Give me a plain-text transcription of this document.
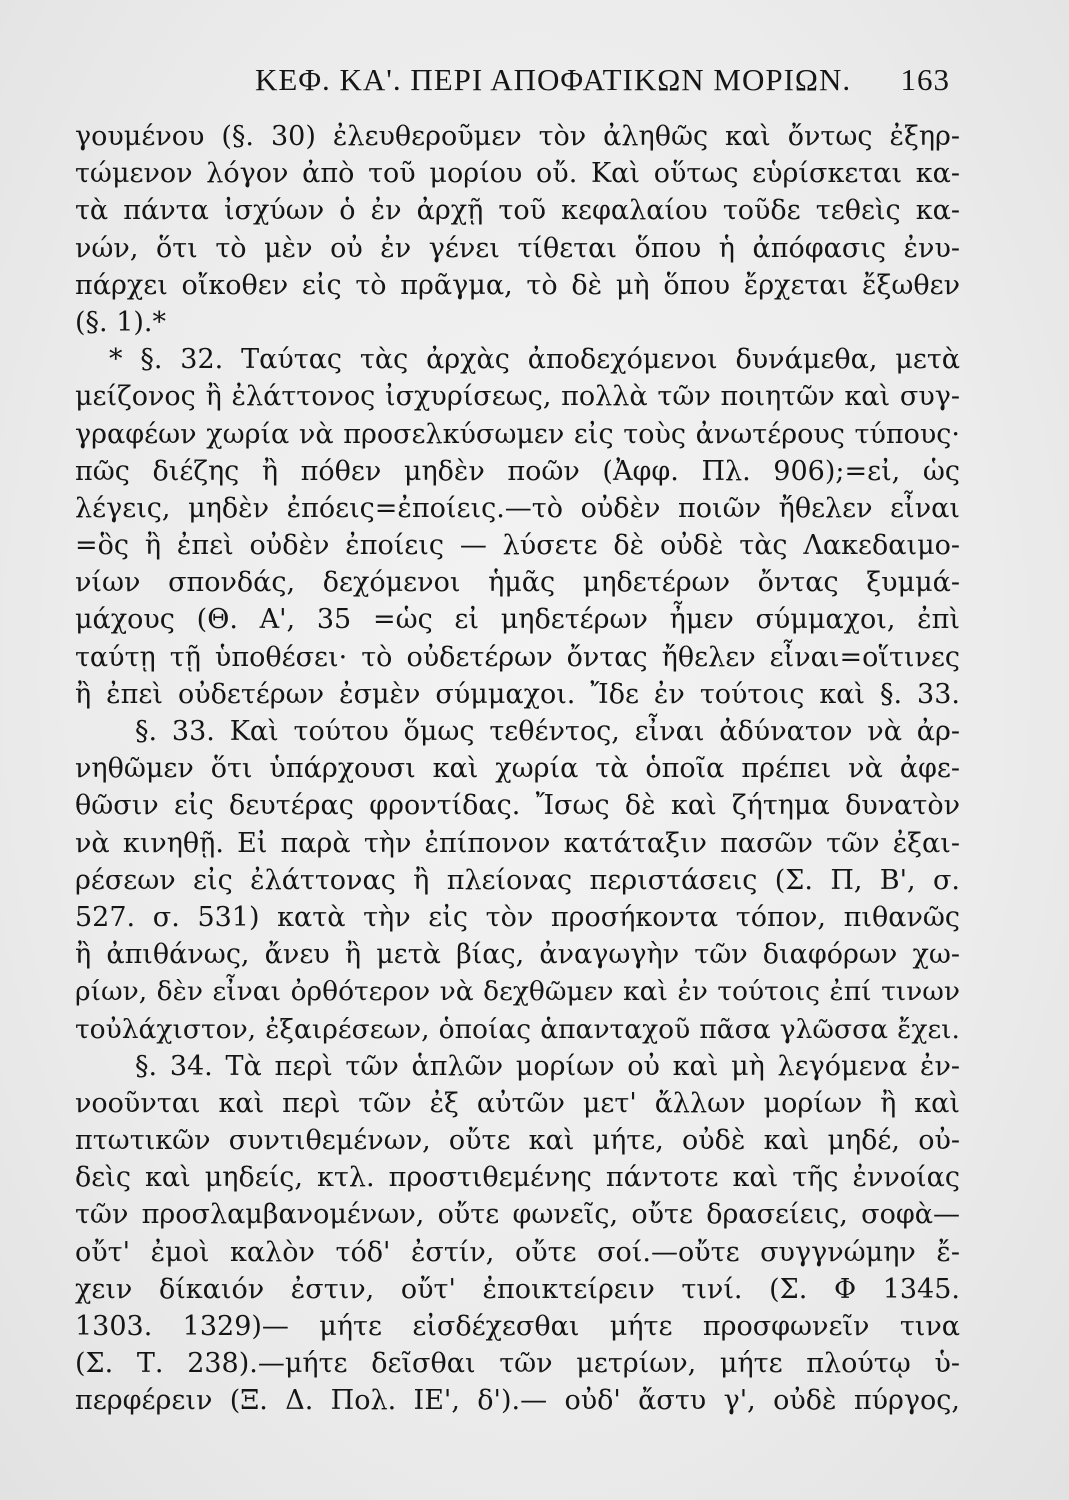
ΚΕΦ. ΚΑ'. ΠΕΡΙ ΑΠΟΦΑΤΙΚΩΝ ΜΟΡΙΩΝ. 163
γουμένου (§. 30) ἐλευθεροῦμεν τὸν ἀληθῶς καὶ ὄντως ἐξηρ-
τώμενον λόγον ἀπὸ τοῦ μορίου οὔ. Καὶ οὕτως εὑρίσκεται κα-
τὰ πάντα ἰσχύων ὁ ἐν ἀρχῇ τοῦ κεφαλαίου τοῦδε τεθεὶς κα-
νών, ὅτι τὸ μὲν οὐ ἐν γένει τίθεται ὅπου ἡ ἀπόφασις ἐνυ-
πάρχει οἴκοθεν εἰς τὸ πρᾶγμα, τὸ δὲ μὴ ὅπου ἔρχεται ἔξωθεν
(§. 1).*
* §. 32. Ταύτας τὰς ἀρχὰς ἀποδεχόμενοι δυνάμεθα, μετὰ
μείζονος ἢ ἐλάττονος ἰσχυρίσεως, πολλὰ τῶν ποιητῶν καὶ συγ-
γραφέων χωρία νὰ προσελκύσωμεν εἰς τοὺς ἀνωτέρους τύπους·
πῶς διέζης ἢ πόθεν μηδὲν ποῶν (Ἀφφ. Πλ. 906);=εἰ, ὡς
λέγεις, μηδὲν ἐπόεις=ἐποίεις.—τὸ οὐδὲν ποιῶν ἤθελεν εἶναι
=ὃς ἢ ἐπεὶ οὐδὲν ἐποίεις — λύσετε δὲ οὐδὲ τὰς Λακεδαιμο-
νίων σπονδάς, δεχόμενοι ἡμᾶς μηδετέρων ὄντας ξυμμά-
μάχους (Θ. Α', 35 =ὡς εἰ μηδετέρων ἦμεν σύμμαχοι, ἐπὶ
ταύτῃ τῇ ὑποθέσει· τὸ οὐδετέρων ὄντας ἤθελεν εἶναι=οἵτινες
ἢ ἐπεὶ οὐδετέρων ἐσμὲν σύμμαχοι. Ἴδε ἐν τούτοις καὶ §. 33.
§. 33. Καὶ τούτου ὅμως τεθέντος, εἶναι ἀδύνατον νὰ ἀρ-
νηθῶμεν ὅτι ὑπάρχουσι καὶ χωρία τὰ ὁποῖα πρέπει νὰ ἀφε-
θῶσιν εἰς δευτέρας φροντίδας. Ἴσως δὲ καὶ ζήτημα δυνατὸν
νὰ κινηθῇ. Εἰ παρὰ τὴν ἐπίπονον κατάταξιν πασῶν τῶν ἐξαι-
ρέσεων εἰς ἐλάττονας ἢ πλείονας περιστάσεις (Σ. Π, Β', σ.
527. σ. 531) κατὰ τὴν εἰς τὸν προσήκοντα τόπον, πιθανῶς
ἢ ἀπιθάνως, ἄνευ ἢ μετὰ βίας, ἀναγωγὴν τῶν διαφόρων χω-
ρίων, δὲν εἶναι ὀρθότερον νὰ δεχθῶμεν καὶ ἐν τούτοις ἐπί τινων
τοὐλάχιστον, ἐξαιρέσεων, ὁποίας ἁπανταχοῦ πᾶσα γλῶσσα ἔχει.
§. 34. Τὰ περὶ τῶν ἁπλῶν μορίων οὐ καὶ μὴ λεγόμενα ἐν-
νοοῦνται καὶ περὶ τῶν ἐξ αὐτῶν μετ' ἄλλων μορίων ἢ καὶ
πτωτικῶν συντιθεμένων, οὔτε καὶ μήτε, οὐδὲ καὶ μηδέ, οὐ-
δεὶς καὶ μηδείς, κτλ. προστιθεμένης πάντοτε καὶ τῆς ἐννοίας
τῶν προσλαμβανομένων, οὔτε φωνεῖς, οὔτε δρασείεις, σοφὰ—
οὔτ' ἐμοὶ καλὸν τόδ' ἐστίν, οὔτε σοί.—οὔτε συγγνώμην ἔ-
χειν δίκαιόν ἐστιν, οὔτ' ἐποικτείρειν τινί. (Σ. Φ 1345.
1303. 1329)— μήτε εἰσδέχεσθαι μήτε προσφωνεῖν τινα
(Σ. Τ. 238).—μήτε δεῖσθαι τῶν μετρίων, μήτε πλούτῳ ὑ-
περφέρειν (Ξ. Δ. Πολ. ΙΕ', δ').— οὐδ' ἄστυ γ', οὐδὲ πύργος,
